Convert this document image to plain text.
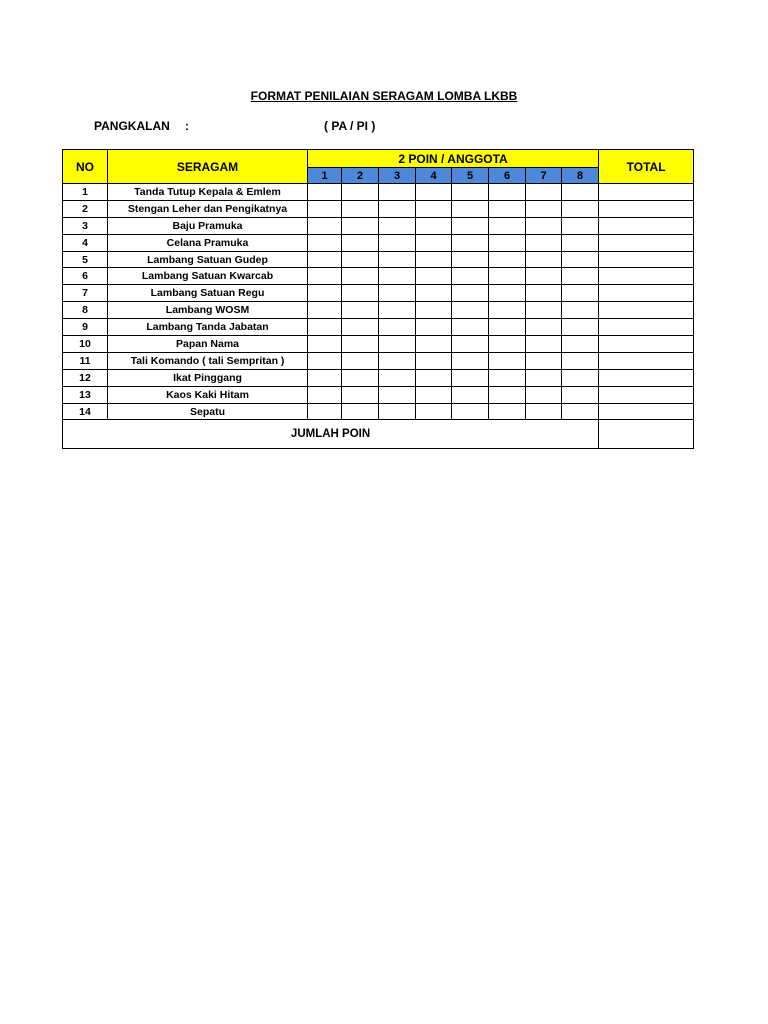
FORMAT PENILAIAN SERAGAM LOMBA LKBB
PANGKALAN :	( PA / PI )
NO	SERAGAM	2 POIN / ANGGOTA								TOTAL
		1	2	3	4	5	6	7	8	
1	Tanda Tutup Kepala & Emlem									
2	Stengan Leher dan Pengikatnya									
3	Baju Pramuka									
4	Celana Pramuka									
5	Lambang Satuan Gudep									
6	Lambang Satuan Kwarcab									
7	Lambang Satuan Regu									
8	Lambang WOSM									
9	Lambang Tanda Jabatan									
10	Papan Nama									
11	Tali Komando ( tali Semprit​an )									
12	Ikat Pinggang									
13	Kaos Kaki Hitam									
14	Sepatu									
JUMLAH POIN										
